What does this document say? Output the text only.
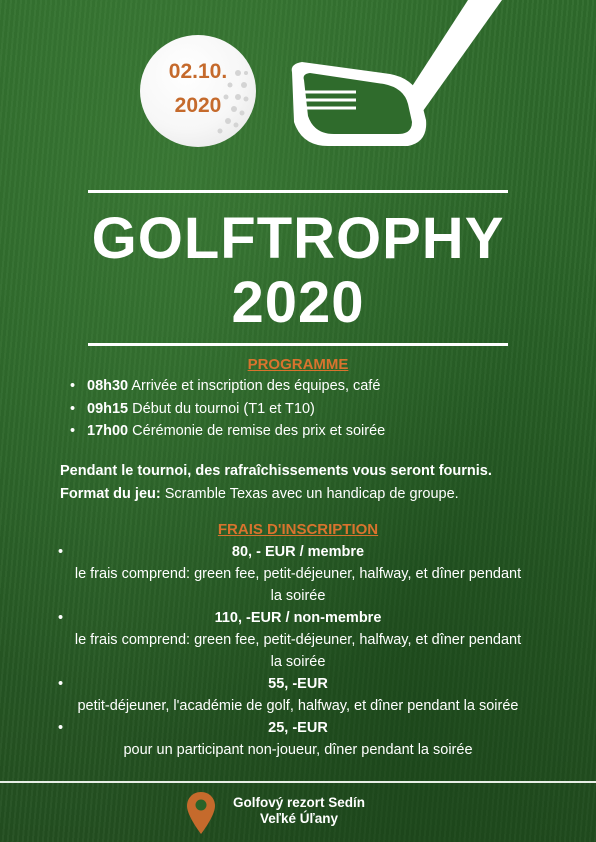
02.10.
2020
GOLFTROPHY
2020
PROGRAMME
• 08h30 Arrivée et inscription des équipes, café
• 09h15 Début du tournoi (T1 et T10)
• 17h00 Cérémonie de remise des prix et soirée
Pendant le tournoi, des rafraîchissements vous seront fournis.
Format du jeu: Scramble Texas avec un handicap de groupe.
FRAIS D'INSCRIPTION
•	80, - EUR / membre
le frais comprend: green fee, petit-déjeuner, halfway, et dîner pendant
la soirée
•	110, -EUR / non-membre
le frais comprend: green fee, petit-déjeuner, halfway, et dîner pendant
la soirée
•	55, -EUR
petit-déjeuner, l'académie de golf, halfway, et dîner pendant la soirée
•	25, -EUR
pour un participant non-joueur, dîner pendant la soirée
Golfový rezort Sedín
Veľké Úľany
